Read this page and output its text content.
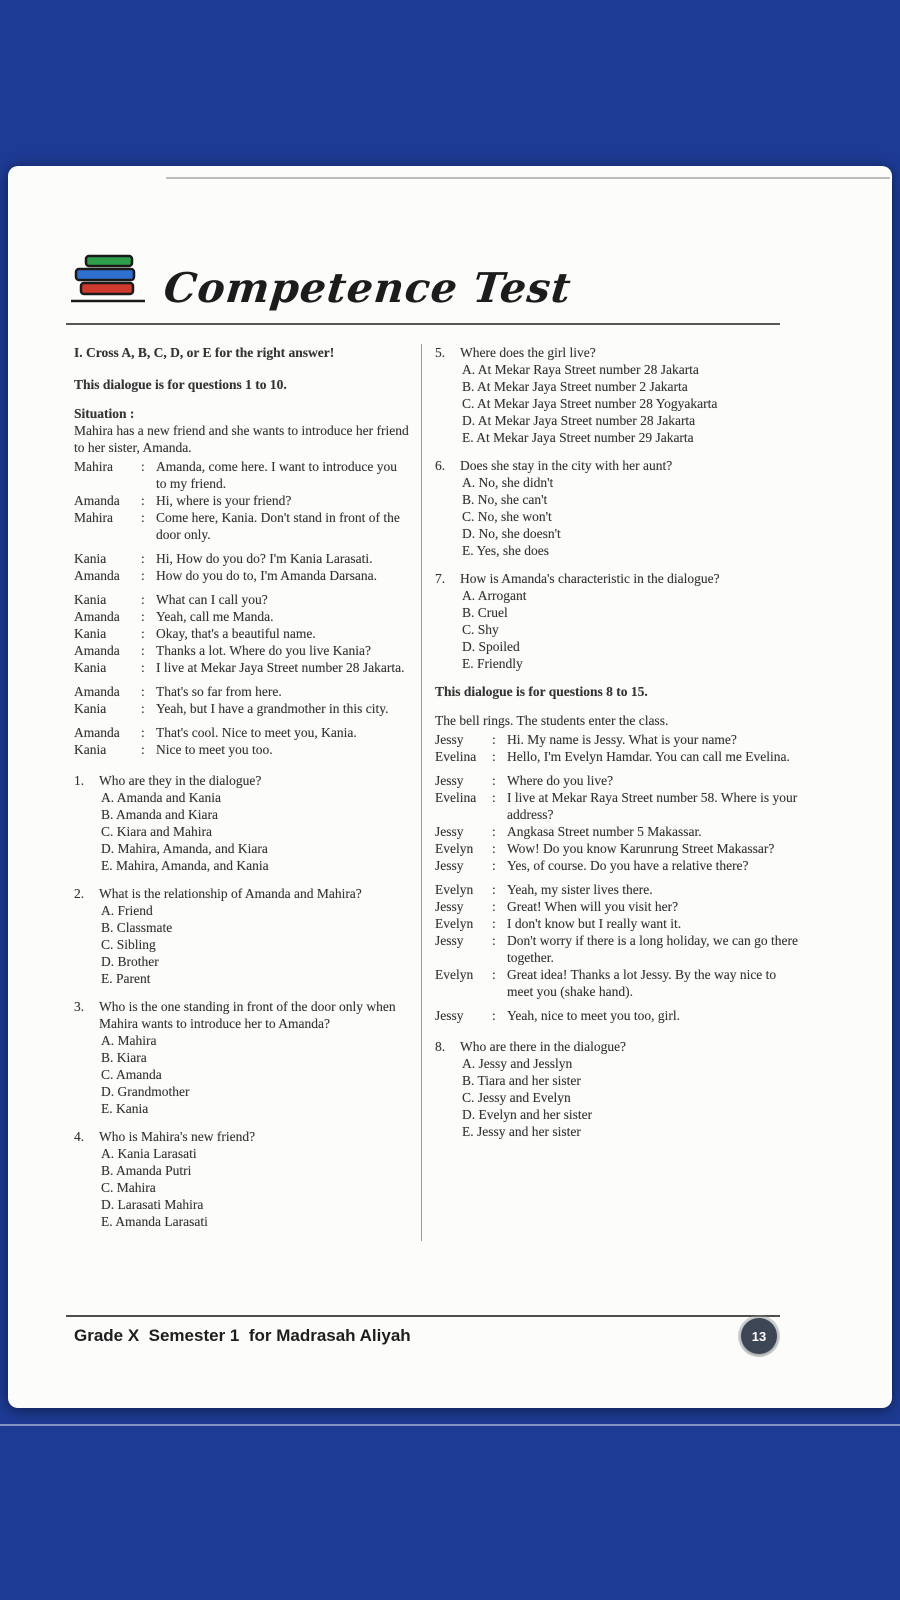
Competence Test
I. Cross A, B, C, D, or E for the right answer!
This dialogue is for questions 1 to 10.
Situation :
Mahira has a new friend and she wants to introduce her friend to her sister, Amanda.
Mahira :	Amanda, come here. I want to introduce you to my friend.
Amanda :	Hi, where is your friend?
Mahira :	Come here, Kania. Don't stand in front of the door only.
Kania :	Hi, How do you do? I'm Kania Larasati.
Amanda :	How do you do to, I'm Amanda Darsana.
Kania :	What can I call you?
Amanda :	Yeah, call me Manda.
Kania :	Okay, that's a beautiful name.
Amanda :	Thanks a lot. Where do you live Kania?
Kania :	I live at Mekar Jaya Street number 28 Jakarta.
Amanda :	That's so far from here.
Kania :	Yeah, but I have a grandmother in this city.
Amanda :	That's cool. Nice to meet you, Kania.
Kania :	Nice to meet you too.
1.	Who are they in the dialogue?
A. Amanda and Kania
B. Amanda and Kiara
C. Kiara and Mahira
D. Mahira, Amanda, and Kiara
E. Mahira, Amanda, and Kania
2.	What is the relationship of Amanda and Mahira?
A. Friend
B. Classmate
C. Sibling
D. Brother
E. Parent
3.	Who is the one standing in front of the door only when Mahira wants to introduce her to Amanda?
A. Mahira
B. Kiara
C. Amanda
D. Grandmother
E. Kania
4.	Who is Mahira's new friend?
A. Kania Larasati
B. Amanda Putri
C. Mahira
D. Larasati Mahira
E. Amanda Larasati
5.	Where does the girl live?
A. At Mekar Raya Street number 28 Jakarta
B. At Mekar Jaya Street number 2 Jakarta
C. At Mekar Jaya Street number 28 Yogyakarta
D. At Mekar Jaya Street number 28 Jakarta
E. At Mekar Jaya Street number 29 Jakarta
6.	Does she stay in the city with her aunt?
A. No, she didn't
B. No, she can't
C. No, she won't
D. No, she doesn't
E. Yes, she does
7.	How is Amanda's characteristic in the dialogue?
A. Arrogant
B. Cruel
C. Shy
D. Spoiled
E. Friendly
This dialogue is for questions 8 to 15.
The bell rings. The students enter the class.
Jessy :	Hi. My name is Jessy. What is your name?
Evelina :	Hello, I'm Evelyn Hamdar. You can call me Evelina.
Jessy :	Where do you live?
Evelina :	I live at Mekar Raya Street number 58. Where is your address?
Jessy :	Angkasa Street number 5 Makassar.
Evelyn :	Wow! Do you know Karunrung Street Makassar?
Jessy :	Yes, of course. Do you have a relative there?
Evelyn :	Yeah, my sister lives there.
Jessy :	Great! When will you visit her?
Evelyn :	I don't know but I really want it.
Jessy :	Don't worry if there is a long holiday, we can go there together.
Evelyn :	Great idea! Thanks a lot Jessy. By the way nice to meet you (shake hand).
Jessy :	Yeah, nice to meet you too, girl.
8.	Who are there in the dialogue?
A. Jessy and Jesslyn
B. Tiara and her sister
C. Jessy and Evelyn
D. Evelyn and her sister
E. Jessy and her sister
Grade X  Semester 1  for Madrasah Aliyah	13
